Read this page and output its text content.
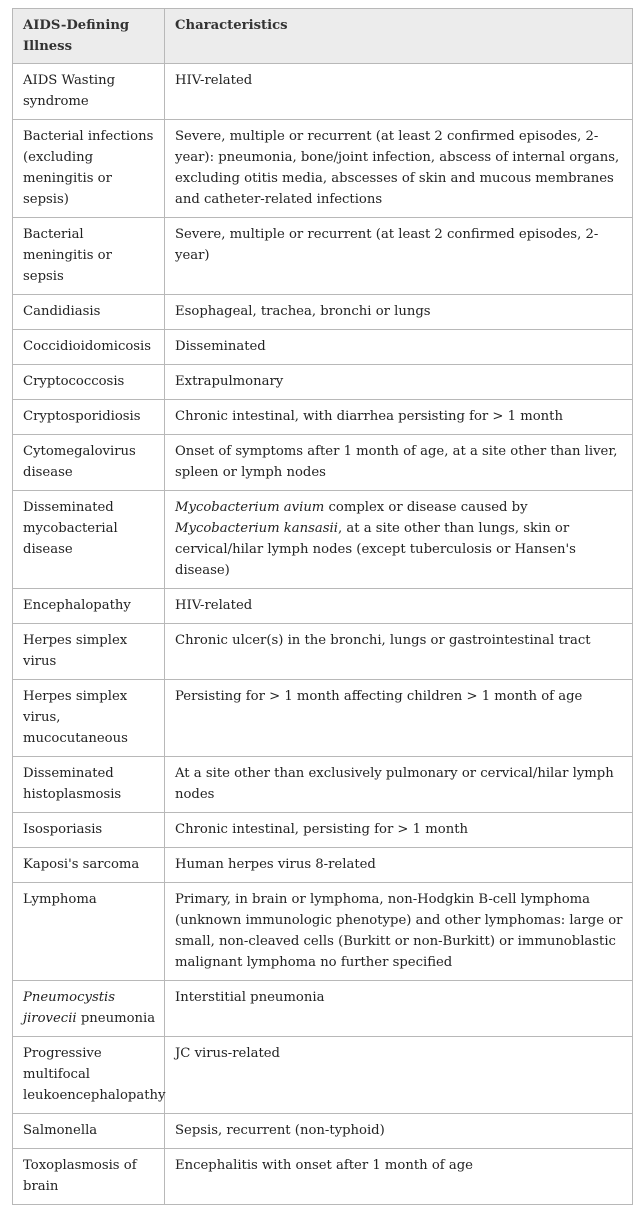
AIDS-Defining Illness	Characteristics
AIDS Wasting syndrome	HIV-related
Bacterial infections (excluding meningitis or sepsis)	Severe, multiple or recurrent (at least 2 confirmed episodes, 2-year): pneumonia, bone/joint infection, abscess of internal organs, excluding otitis media, abscesses of skin and mucous membranes and catheter-related infections
Bacterial meningitis or sepsis	Severe, multiple or recurrent (at least 2 confirmed episodes, 2-year)
Candidiasis	Esophageal, trachea, bronchi or lungs
Coccidioidomicosis	Disseminated
Cryptococcosis	Extrapulmonary
Cryptosporidiosis	Chronic intestinal, with diarrhea persisting for > 1 month
Cytomegalovirus disease	Onset of symptoms after 1 month of age, at a site other than liver, spleen or lymph nodes
Disseminated mycobacterial disease	Mycobacterium avium complex or disease caused by Mycobacterium kansasii, at a site other than lungs, skin or cervical/hilar lymph nodes (except tuberculosis or Hansen's disease)
Encephalopathy	HIV-related
Herpes simplex virus	Chronic ulcer(s) in the bronchi, lungs or gastrointestinal tract
Herpes simplex virus, mucocutaneous	Persisting for > 1 month affecting children > 1 month of age
Disseminated histoplasmosis	At a site other than exclusively pulmonary or cervical/hilar lymph nodes
Isosporiasis	Chronic intestinal, persisting for > 1 month
Kaposi's sarcoma	Human herpes virus 8-related
Lymphoma	Primary, in brain or lymphoma, non-Hodgkin B-cell lymphoma (unknown immunologic phenotype) and other lymphomas: large or small, non-cleaved cells (Burkitt or non-Burkitt) or immunoblastic malignant lymphoma no further specified
Pneumocystis jirovecii pneumonia	Interstitial pneumonia
Progressive multifocal leukoencephalopathy	JC virus-related
Salmonella	Sepsis, recurrent (non-typhoid)
Toxoplasmosis of brain	Encephalitis with onset after 1 month of age
